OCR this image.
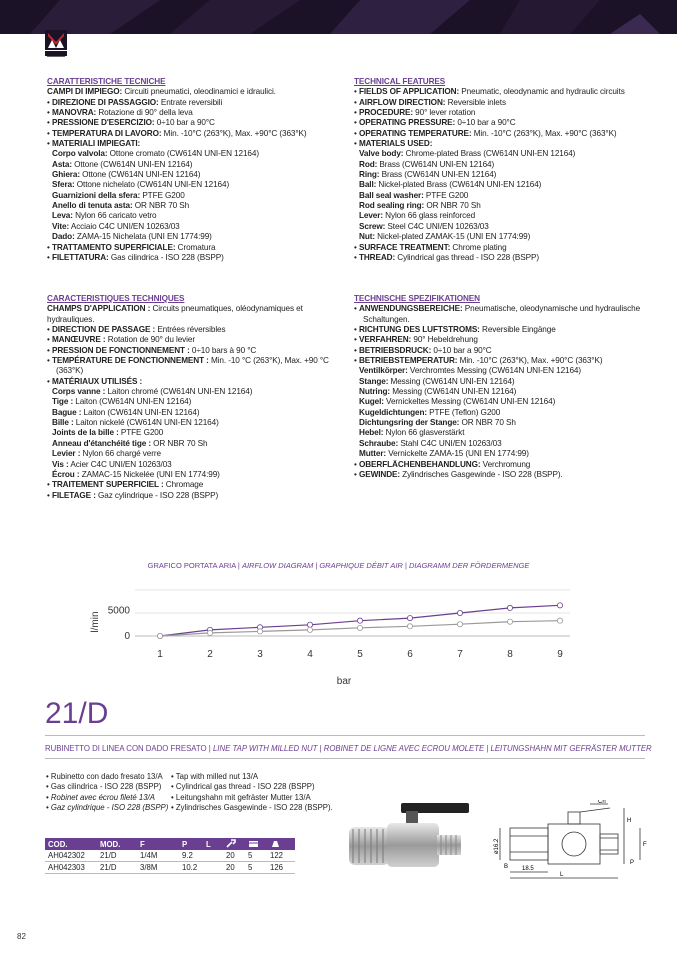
CARATTERISTICHE TECNICHE
CAMPI DI IMPIEGO: Circuiti pneumatici, oleodinamici e idraulici.
• DIREZIONE DI PASSAGGIO: Entrate reversibili
• MANOVRA: Rotazione di 90° della leva
• PRESSIONE D'ESERCIZIO: 0÷10 bar a 90°C
• TEMPERATURA DI LAVORO: Min. -10°C (263°K), Max. +90°C (363°K)
• MATERIALI IMPIEGATI:
Corpo valvola: Ottone cromato (CW614N UNI-EN 12164)
Asta: Ottone (CW614N UNI-EN 12164)
Ghiera: Ottone (CW614N UNI-EN 12164)
Sfera: Ottone nichelato (CW614N UNI-EN 12164)
Guarnizioni della sfera: PTFE G200
Anello di tenuta asta: OR NBR 70 Sh
Leva: Nylon 66 caricato vetro
Vite: Acciaio C4C UNI/EN 10263/03
Dado: ZAMA-15 Nichelata (UNI EN 1774:99)
• TRATTAMENTO SUPERFICIALE: Cromatura
• FILETTATURA: Gas cilindrica - ISO 228 (BSPP)
TECHNICAL FEATURES
• FIELDS OF APPLICATION: Pneumatic, oleodynamic and hydraulic circuits
• AIRFLOW DIRECTION: Reversible inlets
• PROCEDURE: 90° lever rotation
• OPERATING PRESSURE: 0÷10 bar a 90°C
• OPERATING TEMPERATURE: Min. -10°C (263°K), Max. +90°C (363°K)
• MATERIALS USED:
Valve body: Chrome-plated Brass (CW614N UNI-EN 12164)
Rod: Brass (CW614N UNI-EN 12164)
Ring: Brass (CW614N UNI-EN 12164)
Ball: Nickel-plated Brass (CW614N UNI-EN 12164)
Ball seal washer: PTFE G200
Rod sealing ring: OR NBR 70 Sh
Lever: Nylon 66 glass reinforced
Screw: Steel C4C UNI/EN 10263/03
Nut: Nickel-plated ZAMAK-15 (UNI EN 1774:99)
• SURFACE TREATMENT: Chrome plating
• THREAD: Cylindrical gas thread - ISO 228 (BSPP)
CARACTERISTIQUES TECHNIQUES
CHAMPS D'APPLICATION : Circuits pneumatiques, oléodynamiques et hydrauliques.
• DIRECTION DE PASSAGE : Entrées réversibles
• MANŒUVRE : Rotation de 90° du levier
• PRESSION DE FONCTIONNEMENT : 0÷10 bars à 90 °C
• TEMPÉRATURE DE FONCTIONNEMENT : Min. -10 °C (263°K), Max. +90 °C (363°K)
• MATÉRIAUX UTILISÉS :
Corps vanne : Laiton chromé (CW614N UNI-EN 12164)
Tige : Laiton (CW614N UNI-EN 12164)
Bague : Laiton (CW614N UNI-EN 12164)
Bille : Laiton nickelé (CW614N UNI-EN 12164)
Joints de la bille : PTFE G200
Anneau d'étanchéité tige : OR NBR 70 Sh
Levier : Nylon 66 chargé verre
Vis : Acier C4C UNI/EN 10263/03
Écrou : ZAMAC-15 Nickelée (UNI EN 1774:99)
• TRAITEMENT SUPERFICIEL : Chromage
• FILETAGE : Gaz cylindrique - ISO 228 (BSPP)
TECHNISCHE SPEZIFIKATIONEN
• ANWENDUNGSBEREICHE: Pneumatische, oleodynamische und hydraulische Schaltungen.
• RICHTUNG DES LUFTSTROMS: Reversible Eingänge
• VERFAHREN: 90° Hebeldrehung
• BETRIEBSDRUCK: 0÷10 bar a 90°C
• BETRIEBSTEMPERATUR: Min. -10°C (263°K), Max. +90°C (363°K)
Ventilkörper: Verchromtes Messing (CW614N UNI-EN 12164)
Stange: Messing (CW614N UNI-EN 12164)
Nutring: Messing (CW614N UNI-EN 12164)
Kugel: Vernickeltes Messing (CW614N UNI-EN 12164)
Kugeldichtungen: PTFE (Teflon) G200
Dichtungsring der Stange: OR NBR 70 Sh
Hebel: Nylon 66 glasverstärkt
Schraube: Stahl C4C UNI/EN 10263/03
Mutter: Vernickelte ZAMA-15 (UNI EN 1774:99)
• OBERFLÄCHENBEHANDLUNG: Verchromung
• GEWINDE: Zylindrisches Gasgewinde - ISO 228 (BSPP).
GRAFICO PORTATA ARIA | AIRFLOW DIAGRAM | GRAPHIQUE DÉBIT AIR | DIAGRAMM DER FÖRDERMENGE
5000
0
1	2	3	4	5	6	7	8	9
l/min
bar
21/D
RUBINETTO DI LINEA CON DADO FRESATO | LINE TAP WITH MILLED NUT | ROBINET DE LIGNE AVEC ECROU MOLETE | LEITUNGSHAHN MIT GEFRÄSTER MUTTER
• Rubinetto con dado fresato 13/A
• Gas cilindrica - ISO 228 (BSPP)
• Robinet avec écrou fileté 13/A
• Gaz cylindrique - ISO 228 (BSPP)
• Tap with milled nut 13/A
• Cylindrical gas thread - ISO 228 (BSPP)
• Leitungshahn mit gefräster Mutter 13/A
• Zylindrisches Gasgewinde - ISO 228 (BSPP).
COD.	MOD.	F	P	L			
AH042302	21/D	1/4M	9.2		20	5	122
AH042303	21/D	3/8M	10.2		20	5	126
Ch
H
F
ø16.2
B 18.5
L
P
82
